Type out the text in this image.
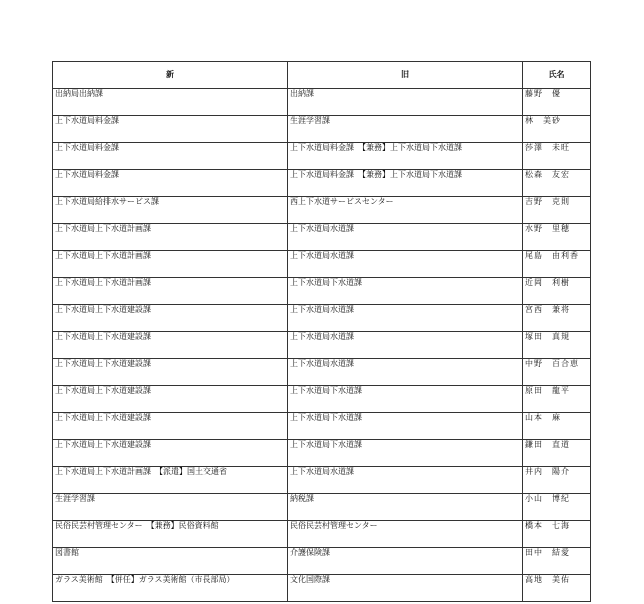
新	旧	氏名
出納局出納課	出納課	藤野　優
上下水道局料金課	生涯学習課	林　美砂
上下水道局料金課	上下水道局料金課　【兼務】上下水道局下水道課	莎澤　未旺
上下水道局料金課	上下水道局料金課　【兼務】上下水道局下水道課	松森　友宏
上下水道局給排水サービス課	西上下水道サービスセンター	吉野　克則
上下水道局上下水道計画課	上下水道局水道課	水野　里穂
上下水道局上下水道計画課	上下水道局水道課	尾島　由利香
上下水道局上下水道計画課	上下水道局下水道課	近岡　利樹
上下水道局上下水道建設課	上下水道局水道課	宮西　兼将
上下水道局上下水道建設課	上下水道局水道課	塚田　真規
上下水道局上下水道建設課	上下水道局水道課	中野　百合恵
上下水道局上下水道建設課	上下水道局下水道課	原田　龍平
上下水道局上下水道建設課	上下水道局下水道課	山本　麻
上下水道局上下水道建設課	上下水道局下水道課	鎌田　直道
上下水道局上下水道計画課　【派遣】国土交通省	上下水道局水道課	井内　陽介
生涯学習課	納税課	小山　博紀
民俗民芸村管理センター　【兼務】民俗資料館	民俗民芸村管理センター	橋本　七海
図書館	介護保険課	田中　結愛
ガラス美術館　【併任】ガラス美術館（市長部局）	文化国際課	高地　美佑
